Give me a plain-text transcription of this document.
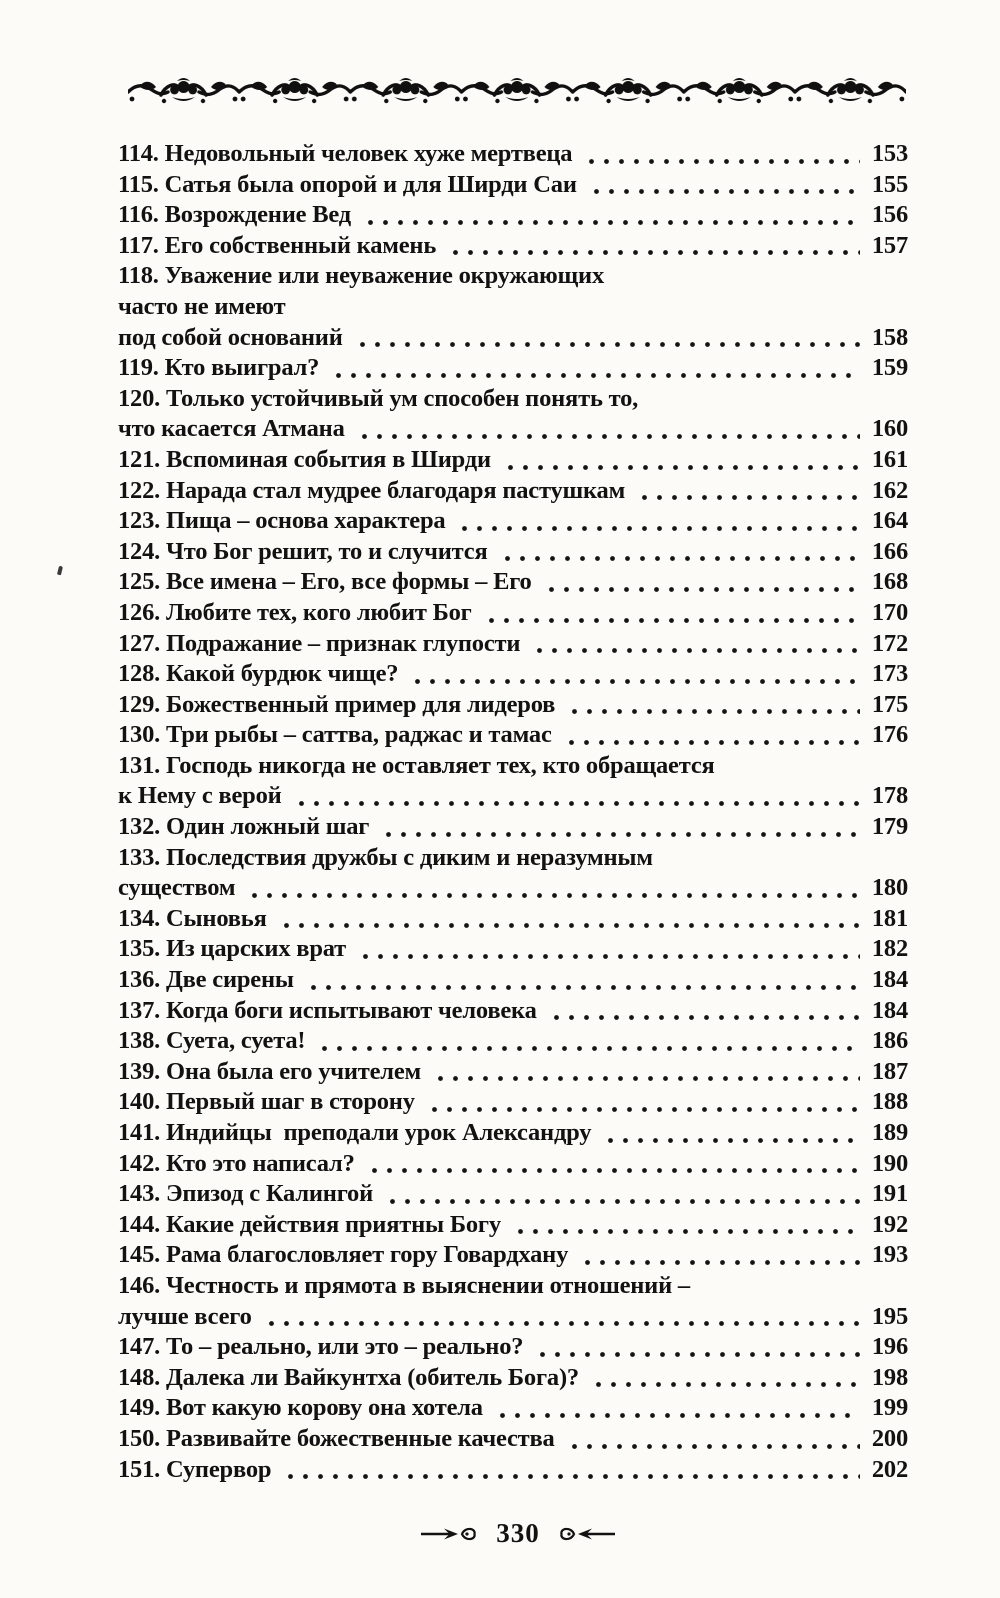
114. Недовольный человек хуже мертвеца	153
115. Сатья была опорой и для Ширди Саи	155
116. Возрождение Вед	156
117. Его собственный камень	157
118. Уважение или неуважение окружающих
часто не имеют
под собой оснований	158
119. Кто выиграл?	159
120. Только устойчивый ум способен понять то,
что касается Атмана	160
121. Вспоминая события в Ширди	161
122. Нарада стал мудрее благодаря пастушкам	162
123. Пища – основа характера	164
124. Что Бог решит, то и случится	166
125. Все имена – Его, все формы – Его	168
126. Любите тех, кого любит Бог	170
127. Подражание – признак глупости	172
128. Какой бурдюк чище?	173
129. Божественный пример для лидеров	175
130. Три рыбы – саттва, раджас и тамас	176
131. Господь никогда не оставляет тех, кто обращается
к Нему с верой	178
132. Один ложный шаг	179
133. Последствия дружбы с диким и неразумным
существом	180
134. Сыновья	181
135. Из царских врат	182
136. Две сирены	184
137. Когда боги испытывают человека	184
138. Суета, суета!	186
139. Она была его учителем	187
140. Первый шаг в сторону	188
141. Индийцы  преподали урок Александру	189
142. Кто это написал?	190
143. Эпизод с Калингой	191
144. Какие действия приятны Богу	192
145. Рама благословляет гору Говардхану	193
146. Честность и прямота в выяснении отношений –
лучше всего	195
147. То – реально, или это – реально?	196
148. Далека ли Вайкунтха (обитель Бога)?	198
149. Вот какую корову она хотела	199
150. Развивайте божественные качества	200
151. Супервор	202
330
